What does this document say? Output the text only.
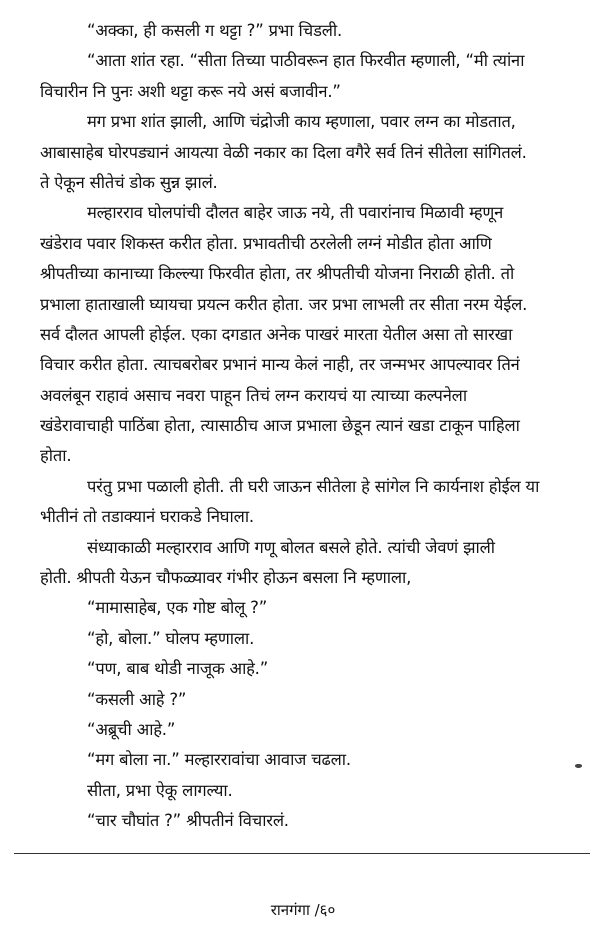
“अक्का, ही कसली ग थट्टा ?” प्रभा चिडली.
“आता शांत रहा. “सीता तिच्या पाठीवरून हात फिरवीत म्हणाली, “मी त्यांना
विचारीन नि पुनः अशी थट्टा करू नये असं बजावीन.”
मग प्रभा शांत झाली, आणि चंद्रोजी काय म्हणाला, पवार लग्न का मोडतात,
आबासाहेब घोरपड्यानं आयत्या वेळी नकार का दिला वगैरे सर्व तिनं सीतेला सांगितलं.
ते ऐकून सीतेचं डोक सुन्न झालं.
मल्हारराव घोलपांची दौलत बाहेर जाऊ नये, ती पवारांनाच मिळावी म्हणून
खंडेराव पवार शिकस्त करीत होता. प्रभावतीची ठरलेली लग्नं मोडीत होता आणि
श्रीपतीच्या कानाच्या किल्ल्या फिरवीत होता, तर श्रीपतीची योजना निराळी होती. तो
प्रभाला हाताखाली घ्यायचा प्रयत्न करीत होता. जर प्रभा लाभली तर सीता नरम येईल.
सर्व दौलत आपली होईल. एका दगडात अनेक पाखरं मारता येतील असा तो सारखा
विचार करीत होता. त्याचबरोबर प्रभानं मान्य केलं नाही, तर जन्मभर आपल्यावर तिनं
अवलंबून राहावं असाच नवरा पाहून तिचं लग्न करायचं या त्याच्या कल्पनेला
खंडेरावाचाही पाठिंबा होता, त्यासाठीच आज प्रभाला छेडून त्यानं खडा टाकून पाहिला
होता.
परंतु प्रभा पळाली होती. ती घरी जाऊन सीतेला हे सांगेल नि कार्यनाश होईल या
भीतीनं तो तडाक्यानं घराकडे निघाला.
संध्याकाळी मल्हारराव आणि गणू बोलत बसले होते. त्यांची जेवणं झाली
होती. श्रीपती येऊन चौफळ्यावर गंभीर होऊन बसला नि म्हणाला,
“मामासाहेब, एक गोष्ट बोलू ?”
“हो, बोला.” घोलप म्हणाला.
“पण, बाब थोडी नाजूक आहे.”
“कसली आहे ?”
“अब्रूची आहे.”
“मग बोला ना.” मल्हाररावांचा आवाज चढला.
सीता, प्रभा ऐकू लागल्या.
“चार चौघांत ?” श्रीपतीनं विचारलं.
रानगंगा /६०
